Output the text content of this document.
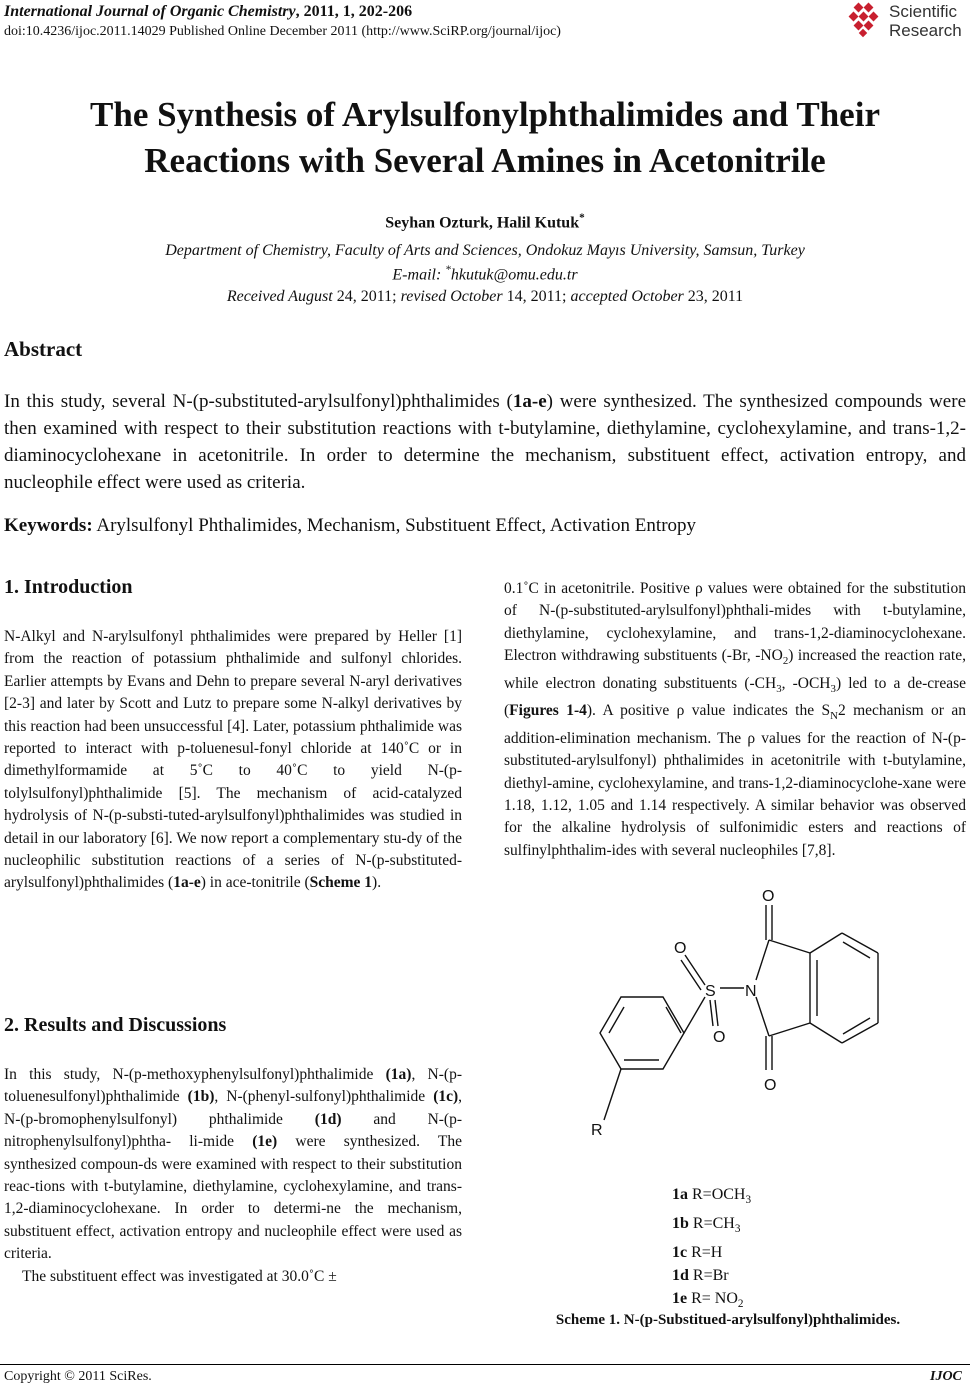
International Journal of Organic Chemistry, 2011, 1, 202-206
doi:10.4236/ijoc.2011.14029 Published Online December 2011 (http://www.SciRP.org/journal/ijoc)
Scientific
Research
The Synthesis of Arylsulfonylphthalimides and Their
Reactions with Several Amines in Acetonitrile
Seyhan Ozturk, Halil Kutuk*
Department of Chemistry, Faculty of Arts and Sciences, Ondokuz Mayıs University, Samsun, Turkey
E-mail: *hkutuk@omu.edu.tr
Received August 24, 2011; revised October 14, 2011; accepted October 23, 2011
Abstract
In this study, several N-(p-substituted-arylsulfonyl)phthalimides (1a-e) were synthesized. The synthesized compounds were then examined with respect to their substitution reactions with t-butylamine, diethylamine, cyclohexylamine, and trans-1,2-diaminocyclohexane in acetonitrile. In order to determine the mechanism, substituent effect, activation entropy, and nucleophile effect were used as criteria.
Keywords: Arylsulfonyl Phthalimides, Mechanism, Substituent Effect, Activation Entropy
1. Introduction

N-Alkyl and N-arylsulfonyl phthalimides were prepared by Heller [1] from the reaction of potassium phthalimide and sulfonyl chlorides. Earlier attempts by Evans and Dehn to prepare several N-aryl derivatives [2-3] and later by Scott and Lutz to prepare some N-alkyl derivatives by this reaction had been unsuccessful [4]. Later, potassium phthalimide was reported to interact with p-toluenesul-fonyl chloride at 140˚C or in dimethylformamide at 5˚C to 40˚C to yield N-(p-tolylsulfonyl)phthalimide [5]. The mechanism of acid-catalyzed hydrolysis of N-(p-substi-tuted-arylsulfonyl)phthalimides was studied in detail in our laboratory [6]. We now report a complementary stu-dy of the nucleophilic substitution reactions of a series of N-(p-substituted-arylsulfonyl)phthalimides (1a-e) in ace-tonitrile (Scheme 1).

2. Results and Discussions

In this study, N-(p-methoxyphenylsulfonyl)phthalimide (1a), N-(p-toluenesulfonyl)phthalimide (1b), N-(phenyl-sulfonyl)phthalimide (1c), N-(p-bromophenylsulfonyl) phthalimide (1d) and N-(p-nitrophenylsulfonyl)phtha- li-mide (1e) were synthesized. The synthesized compoun-ds were examined with respect to their substitution reac-tions with t-butylamine, diethylamine, cyclohexylamine, and trans-1,2-diaminocyclohexane. In order to determi-ne the mechanism, substituent effect, activation entropy and nucleophile effect were used as criteria.

The substituent effect was investigated at 30.0˚C ±

0.1˚C in acetonitrile. Positive ρ values were obtained for the substitution of N-(p-substituted-arylsulfonyl)phthali-mides with t-butylamine, diethylamine, cyclohexylamine, and trans-1,2-diaminocyclohexane. Electron withdrawing substituents (-Br, $-NO_2$) increased the reaction rate, while electron donating substituents ($-CH_3$, $-OCH_3$) led to a de-crease (Figures 1-4). A positive ρ value indicates the $S_N2$ mechanism or an addition-elimination mechanism. The ρ values for the reaction of N-(p-substituted-arylsulfonyl) phthalimides in acetonitrile with t-butylamine, diethyl-amine, cyclohexylamine, and trans-1,2-diaminocyclohe-xane were 1.18, 1.12, 1.05 and 1.14 respectively. A similar behavior was observed for the alkaline hydrolysis of sulfonimidic esters and reactions of sulfinylphthalim-ides with several nucleophiles [7,8].

O
O
S N
O
O
R
1a $R=OCH_3$
1b $R=CH_3$
1c R=H
1d R=Br
1e $R= NO_2$
Scheme 1. N-(p-Substitued-arylsulfonyl)phthalimides.
Copyright © 2011 SciRes.	IJOC
